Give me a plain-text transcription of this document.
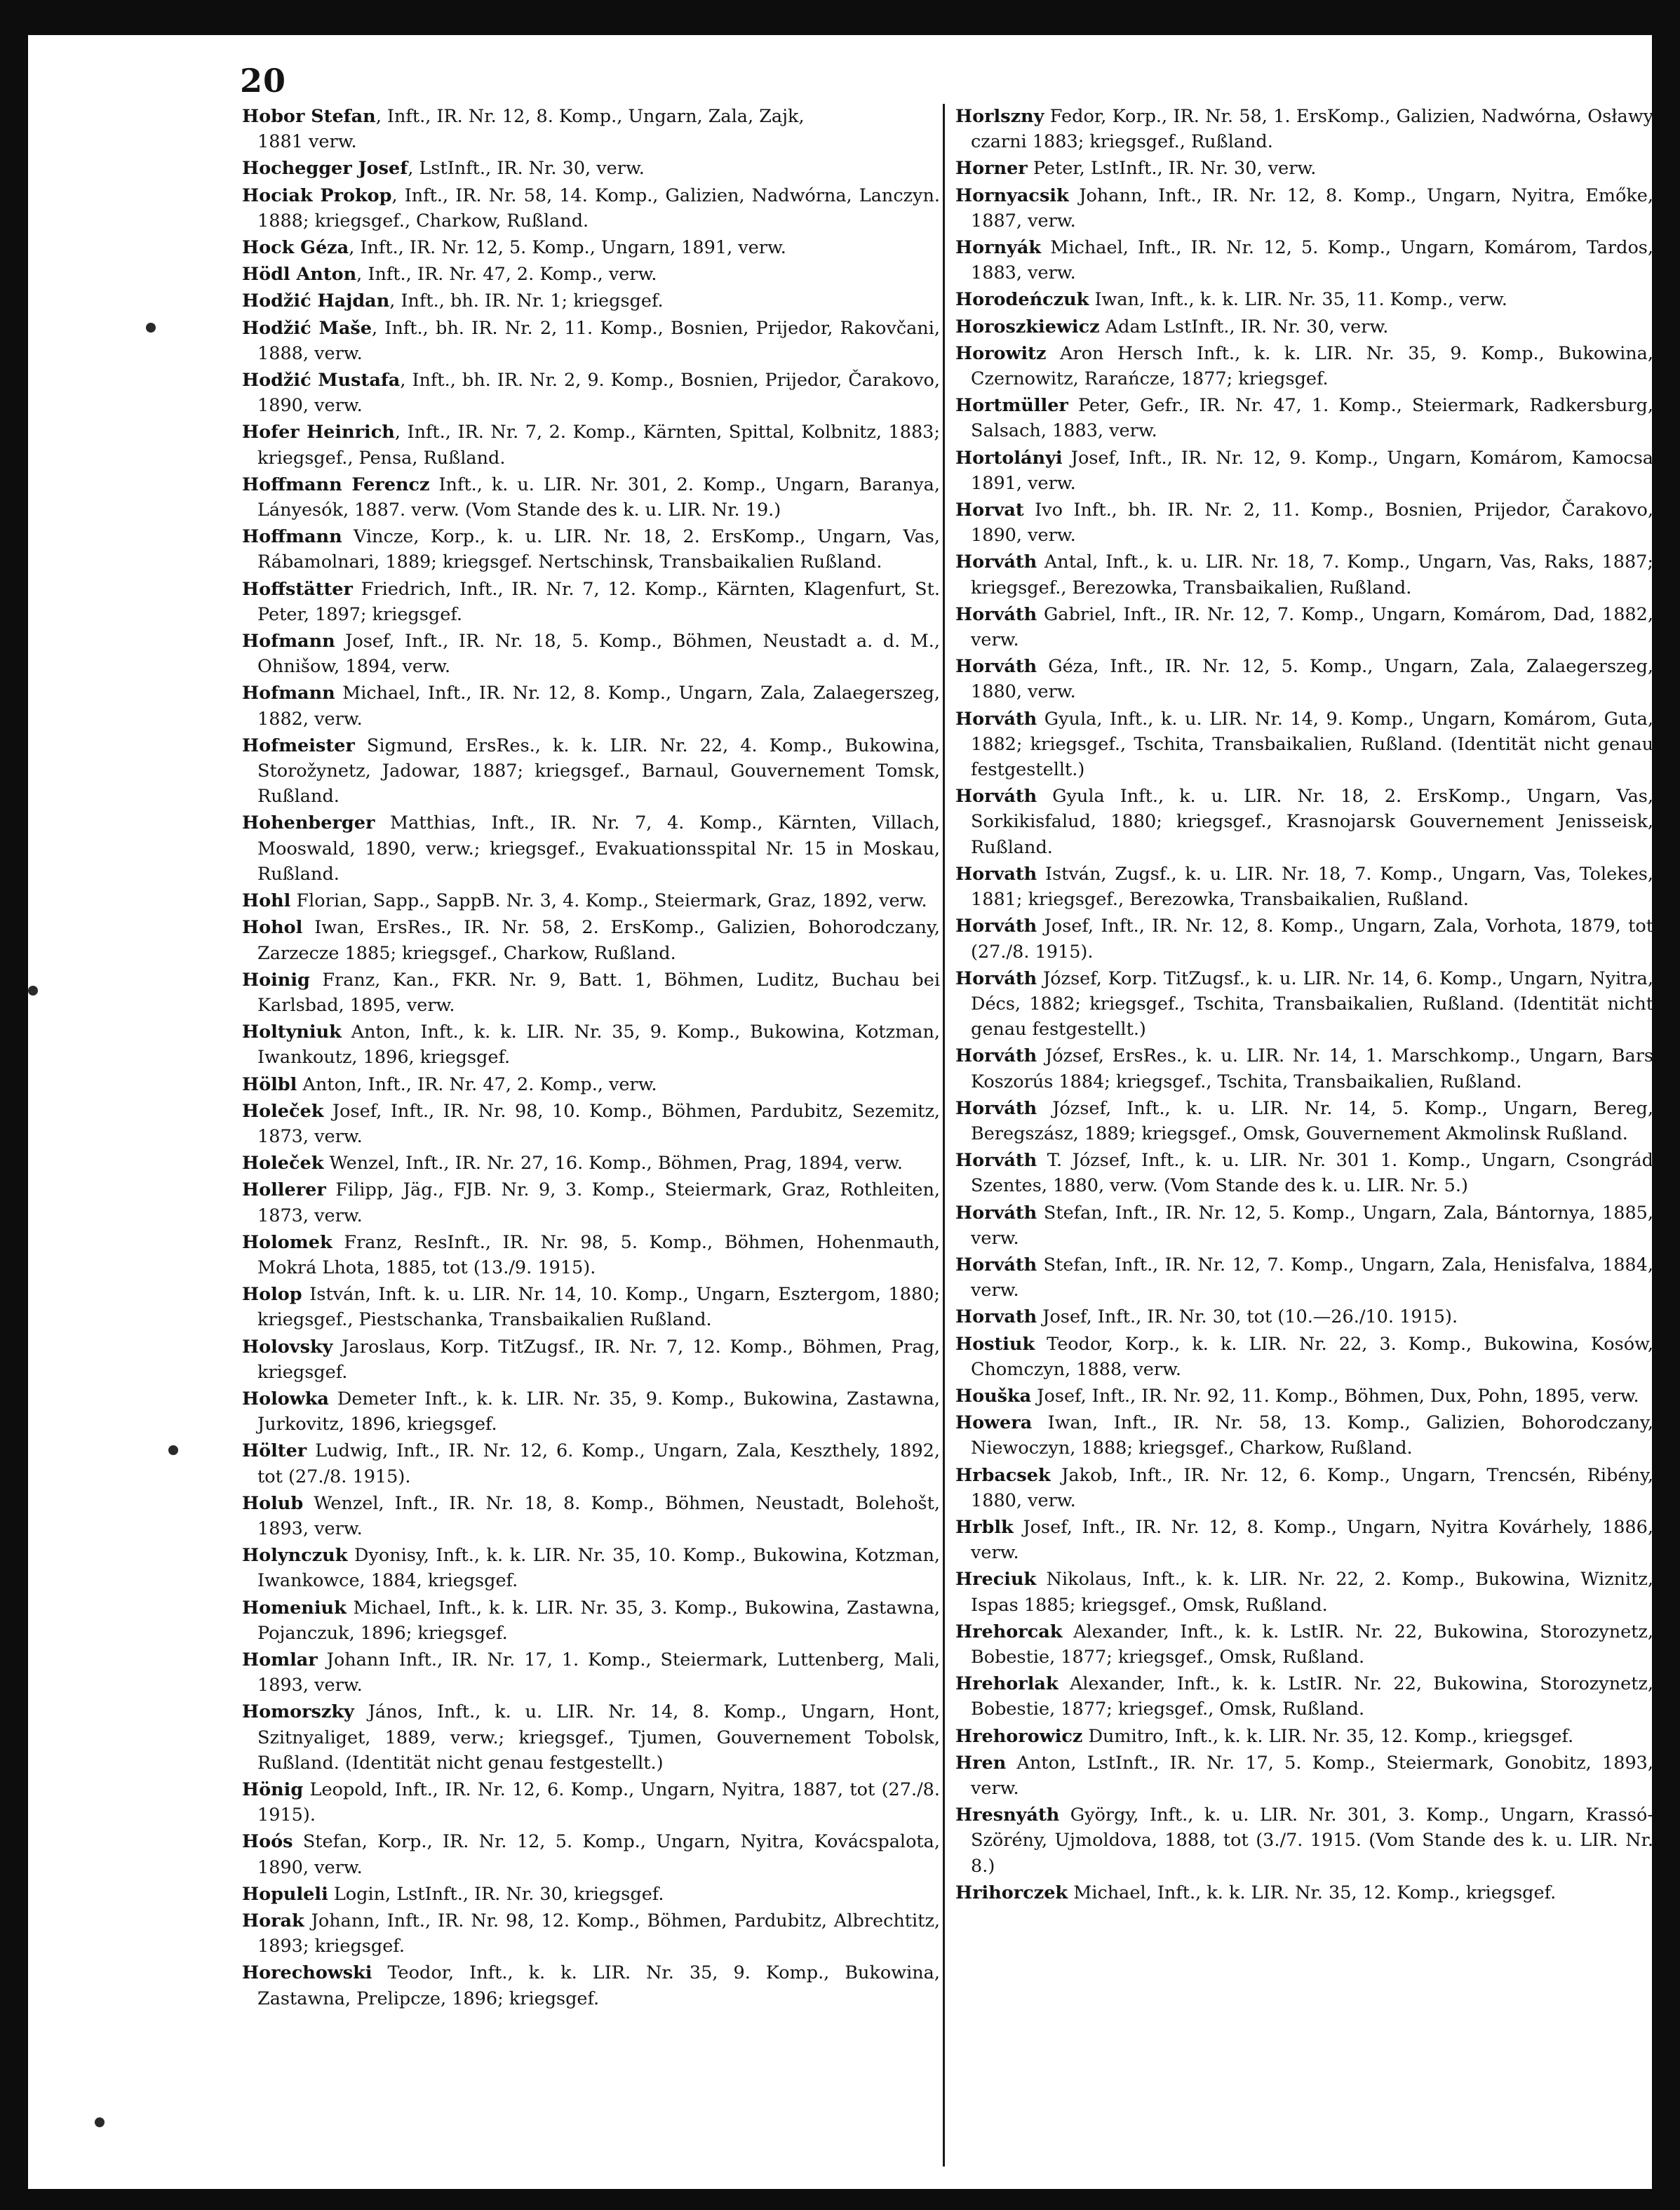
20

Hobor Stefan, Inft., IR. Nr. 12, 8. Komp., Ungarn, Zala, Zajk,
1881 verw.

Hochegger Josef, LstInft., IR. Nr. 30, verw.

Hociak Prokop, Inft., IR. Nr. 58, 14. Komp., Galizien, Nadwórna, Lanczyn. 1888; kriegsgef., Charkow, Rußland.

Hock Géza, Inft., IR. Nr. 12, 5. Komp., Ungarn, 1891, verw.

Hödl Anton, Inft., IR. Nr. 47, 2. Komp., verw.

Hodžić Hajdan, Inft., bh. IR. Nr. 1; kriegsgef.

Hodžić Maše, Inft., bh. IR. Nr. 2, 11. Komp., Bosnien, Prijedor, Rakovčani, 1888, verw.

Hodžić Mustafa, Inft., bh. IR. Nr. 2, 9. Komp., Bosnien, Prijedor, Čarakovo, 1890, verw.

Hofer Heinrich, Inft., IR. Nr. 7, 2. Komp., Kärnten, Spittal, Kolbnitz, 1883; kriegsgef., Pensa, Rußland.

Hoffmann Ferencz Inft., k. u. LIR. Nr. 301, 2. Komp., Ungarn, Baranya, Lányesók, 1887. verw. (Vom Stande des k. u. LIR. Nr. 19.)

Hoffmann Vincze, Korp., k. u. LIR. Nr. 18, 2. ErsKomp., Ungarn, Vas, Rábamolnari, 1889; kriegsgef. Nertschinsk, Transbaikalien Rußland.

Hoffstätter Friedrich, Inft., IR. Nr. 7, 12. Komp., Kärnten, Klagenfurt, St. Peter, 1897; kriegsgef.

Hofmann Josef, Inft., IR. Nr. 18, 5. Komp., Böhmen, Neustadt a. d. M., Ohnišow, 1894, verw.

Hofmann Michael, Inft., IR. Nr. 12, 8. Komp., Ungarn, Zala, Zalaegerszeg, 1882, verw.

Hofmeister Sigmund, ErsRes., k. k. LIR. Nr. 22, 4. Komp., Bukowina, Storožynetz, Jadowar, 1887; kriegsgef., Barnaul, Gouvernement Tomsk, Rußland.

Hohenberger Matthias, Inft., IR. Nr. 7, 4. Komp., Kärnten, Villach, Mooswald, 1890, verw.; kriegsgef., Evakuationsspital Nr. 15 in Moskau, Rußland.

Hohl Florian, Sapp., SappB. Nr. 3, 4. Komp., Steiermark, Graz, 1892, verw.

Hohol Iwan, ErsRes., IR. Nr. 58, 2. ErsKomp., Galizien, Bohorodczany, Zarzecze 1885; kriegsgef., Charkow, Rußland.

Hoinig Franz, Kan., FKR. Nr. 9, Batt. 1, Böhmen, Luditz, Buchau bei Karlsbad, 1895, verw.

Holtyniuk Anton, Inft., k. k. LIR. Nr. 35, 9. Komp., Bukowina, Kotzman, Iwankoutz, 1896, kriegsgef.

Hölbl Anton, Inft., IR. Nr. 47, 2. Komp., verw.

Holeček Josef, Inft., IR. Nr. 98, 10. Komp., Böhmen, Pardubitz, Sezemitz, 1873, verw.

Holeček Wenzel, Inft., IR. Nr. 27, 16. Komp., Böhmen, Prag, 1894, verw.

Hollerer Filipp, Jäg., FJB. Nr. 9, 3. Komp., Steiermark, Graz, Rothleiten, 1873, verw.

Holomek Franz, ResInft., IR. Nr. 98, 5. Komp., Böhmen, Hohenmauth, Mokrá Lhota, 1885, tot (13./9. 1915).

Holop István, Inft. k. u. LIR. Nr. 14, 10. Komp., Ungarn, Esztergom, 1880; kriegsgef., Piestschanka, Transbaikalien Rußland.

Holovsky Jaroslaus, Korp. TitZugsf., IR. Nr. 7, 12. Komp., Böhmen, Prag, kriegsgef.

Holowka Demeter Inft., k. k. LIR. Nr. 35, 9. Komp., Bukowina, Zastawna, Jurkovitz, 1896, kriegsgef.

Hölter Ludwig, Inft., IR. Nr. 12, 6. Komp., Ungarn, Zala, Keszthely, 1892, tot (27./8. 1915).

Holub Wenzel, Inft., IR. Nr. 18, 8. Komp., Böhmen, Neustadt, Bolehošt, 1893, verw.

Holynczuk Dyonisy, Inft., k. k. LIR. Nr. 35, 10. Komp., Bukowina, Kotzman, Iwankowce, 1884, kriegsgef.

Homeniuk Michael, Inft., k. k. LIR. Nr. 35, 3. Komp., Bukowina, Zastawna, Pojanczuk, 1896; kriegsgef.

Homlar Johann Inft., IR. Nr. 17, 1. Komp., Steiermark, Luttenberg, Mali, 1893, verw.

Homorszky János, Inft., k. u. LIR. Nr. 14, 8. Komp., Ungarn, Hont, Szitnyaliget, 1889, verw.; kriegsgef., Tjumen, Gouvernement Tobolsk, Rußland. (Identität nicht genau festgestellt.)

Hönig Leopold, Inft., IR. Nr. 12, 6. Komp., Ungarn, Nyitra, 1887, tot (27./8. 1915).

Hoós Stefan, Korp., IR. Nr. 12, 5. Komp., Ungarn, Nyitra, Kovácspalota, 1890, verw.

Hopuleli Login, LstInft., IR. Nr. 30, kriegsgef.

Horak Johann, Inft., IR. Nr. 98, 12. Komp., Böhmen, Pardubitz, Albrechtitz, 1893; kriegsgef.

Horechowski Teodor, Inft., k. k. LIR. Nr. 35, 9. Komp., Bukowina, Zastawna, Prelipcze, 1896; kriegsgef.

Horlszny Fedor, Korp., IR. Nr. 58, 1. ErsKomp., Galizien, Nadwórna, Osławy czarni 1883; kriegsgef., Rußland.

Horner Peter, LstInft., IR. Nr. 30, verw.

Hornyacsik Johann, Inft., IR. Nr. 12, 8. Komp., Ungarn, Nyitra, Emőke, 1887, verw.

Hornyák Michael, Inft., IR. Nr. 12, 5. Komp., Ungarn, Komárom, Tardos, 1883, verw.

Horodeńczuk Iwan, Inft., k. k. LIR. Nr. 35, 11. Komp., verw.

Horoszkiewicz Adam LstInft., IR. Nr. 30, verw.

Horowitz Aron Hersch Inft., k. k. LIR. Nr. 35, 9. Komp., Bukowina, Czernowitz, Rarańcze, 1877; kriegsgef.

Hortmüller Peter, Gefr., IR. Nr. 47, 1. Komp., Steiermark, Radkersburg, Salsach, 1883, verw.

Hortolányi Josef, Inft., IR. Nr. 12, 9. Komp., Ungarn, Komárom, Kamocsa 1891, verw.

Horvat Ivo Inft., bh. IR. Nr. 2, 11. Komp., Bosnien, Prijedor, Čarakovo, 1890, verw.

Horváth Antal, Inft., k. u. LIR. Nr. 18, 7. Komp., Ungarn, Vas, Raks, 1887; kriegsgef., Berezowka, Transbaikalien, Rußland.

Horváth Gabriel, Inft., IR. Nr. 12, 7. Komp., Ungarn, Komárom, Dad, 1882, verw.

Horváth Géza, Inft., IR. Nr. 12, 5. Komp., Ungarn, Zala, Zalaegerszeg, 1880, verw.

Horváth Gyula, Inft., k. u. LIR. Nr. 14, 9. Komp., Ungarn, Komárom, Guta, 1882; kriegsgef., Tschita, Transbaikalien, Rußland. (Identität nicht genau festgestellt.)

Horváth Gyula Inft., k. u. LIR. Nr. 18, 2. ErsKomp., Ungarn, Vas, Sorkikisfalud, 1880; kriegsgef., Krasnojarsk Gouvernement Jenisseisk, Rußland.

Horvath István, Zugsf., k. u. LIR. Nr. 18, 7. Komp., Ungarn, Vas, Tolekes, 1881; kriegsgef., Berezowka, Transbaikalien, Rußland.

Horváth Josef, Inft., IR. Nr. 12, 8. Komp., Ungarn, Zala, Vorhota, 1879, tot (27./8. 1915).

Horváth József, Korp. TitZugsf., k. u. LIR. Nr. 14, 6. Komp., Ungarn, Nyitra, Décs, 1882; kriegsgef., Tschita, Transbaikalien, Rußland. (Identität nicht genau festgestellt.)

Horváth József, ErsRes., k. u. LIR. Nr. 14, 1. Marschkomp., Ungarn, Bars Koszorús 1884; kriegsgef., Tschita, Transbaikalien, Rußland.

Horváth József, Inft., k. u. LIR. Nr. 14, 5. Komp., Ungarn, Bereg, Beregszász, 1889; kriegsgef., Omsk, Gouvernement Akmolinsk Rußland.

Horváth T. József, Inft., k. u. LIR. Nr. 301 1. Komp., Ungarn, Csongrád Szentes, 1880, verw. (Vom Stande des k. u. LIR. Nr. 5.)

Horváth Stefan, Inft., IR. Nr. 12, 5. Komp., Ungarn, Zala, Bántornya, 1885, verw.

Horváth Stefan, Inft., IR. Nr. 12, 7. Komp., Ungarn, Zala, Henisfalva, 1884, verw.

Horvath Josef, Inft., IR. Nr. 30, tot (10.—26./10. 1915).

Hostiuk Teodor, Korp., k. k. LIR. Nr. 22, 3. Komp., Bukowina, Kosów, Chomczyn, 1888, verw.

Houška Josef, Inft., IR. Nr. 92, 11. Komp., Böhmen, Dux, Pohn, 1895, verw.

Howera Iwan, Inft., IR. Nr. 58, 13. Komp., Galizien, Bohorodczany, Niewoczyn, 1888; kriegsgef., Charkow, Rußland.

Hrbacsek Jakob, Inft., IR. Nr. 12, 6. Komp., Ungarn, Trencsén, Ribény, 1880, verw.

Hrblk Josef, Inft., IR. Nr. 12, 8. Komp., Ungarn, Nyitra Kovárhely, 1886, verw.

Hreciuk Nikolaus, Inft., k. k. LIR. Nr. 22, 2. Komp., Bukowina, Wiznitz, Ispas 1885; kriegsgef., Omsk, Rußland.

Hrehorcak Alexander, Inft., k. k. LstIR. Nr. 22, Bukowina, Storozynetz, Bobestie, 1877; kriegsgef., Omsk, Rußland.

Hrehorlak Alexander, Inft., k. k. LstIR. Nr. 22, Bukowina, Storozynetz, Bobestie, 1877; kriegsgef., Omsk, Rußland.

Hrehorowicz Dumitro, Inft., k. k. LIR. Nr. 35, 12. Komp., kriegsgef.

Hren Anton, LstInft., IR. Nr. 17, 5. Komp., Steiermark, Gonobitz, 1893, verw.

Hresnyáth György, Inft., k. u. LIR. Nr. 301, 3. Komp., Ungarn, Krassó-Szörény, Ujmoldova, 1888, tot (3./7. 1915. (Vom Stande des k. u. LIR. Nr. 8.)

Hrihorczek Michael, Inft., k. k. LIR. Nr. 35, 12. Komp., kriegsgef.
